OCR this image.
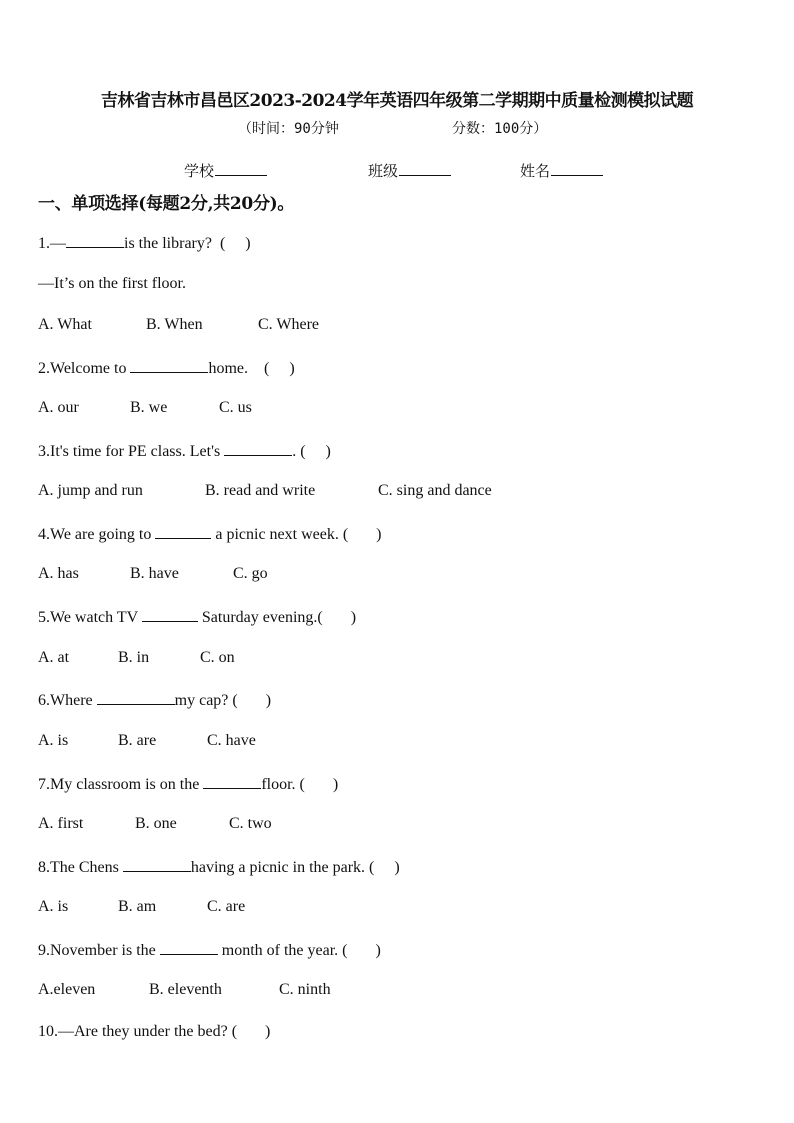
吉林省吉林市昌邑区2023-2024学年英语四年级第二学期期中质量检测模拟试题
（时间：90分钟	分数：100分）
学校	班级	姓名
一、单项选择(每题2分,共20分)。
1.—	is the library?  (     )
—It’s on the first floor.
A. What	B. When	C. Where
2.Welcome to	home.    (     )
A. our	B. we	C. us
3.It's time for PE class. Let's	. (     )
A. jump and run	B. read and write	C. sing and dance
4.We are going to	a picnic next week. (       )
A. has	B. have	C. go
5.We watch TV	Saturday evening.(       )
A. at	B. in	C. on
6.Where	my cap? (       )
A. is	B. are	C. have
7.My classroom is on the	floor. (       )
A. first	B. one	C. two
8.The Chens	having a picnic in the park. (     )
A. is	B. am	C. are
9.November is the	month of the year. (       )
A.eleven	B. eleventh	C. ninth
10.—Are they under the bed? (       )
